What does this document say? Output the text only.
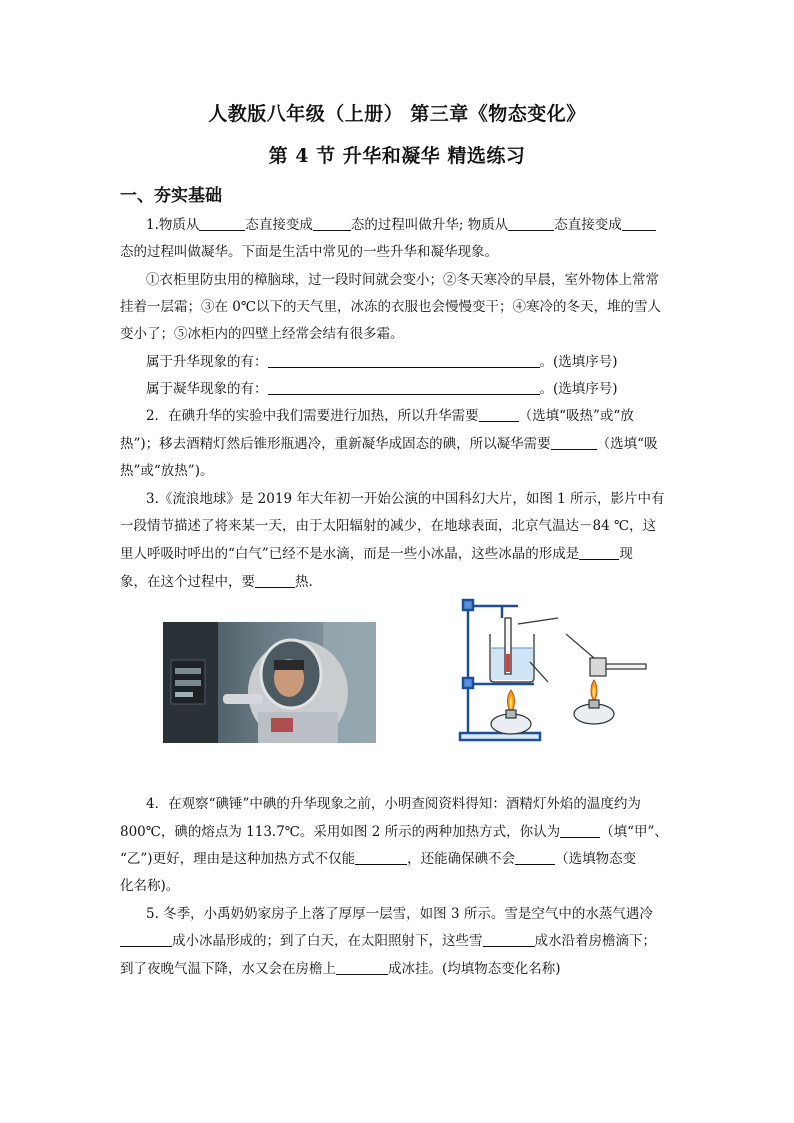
人教版八年级（上册） 第三章《物态变化》
第 4 节 升华和凝华 精选练习
一、夯实基础
1.物质从	态直接变成	态的过程叫做升华; 物质从	态直接变成
态的过程叫做凝华。下面是生活中常见的一些升华和凝华现象。
①衣柜里防虫用的樟脑球，过一段时间就会变小；②冬天寒冷的早晨，室外物体上常常
挂着一层霜；③在 0℃以下的天气里，冰冻的衣服也会慢慢变干；④寒冷的冬天，堆的雪人
变小了；⑤冰柜内的四壁上经常会结有很多霜。
属于升华现象的有：	。(选填序号)
属于凝华现象的有：	。(选填序号)
2．在碘升华的实验中我们需要进行加热，所以升华需要	（选填“吸热”或“放
热”)；移去酒精灯然后锥形瓶遇冷，重新凝华成固态的碘，所以凝华需要	（选填“吸
热”或“放热”)。
3.《流浪地球》是 2019 年大年初一开始公演的中国科幻大片，如图 1 所示，影片中有
一段情节描述了将来某一天，由于太阳辐射的减少，在地球表面，北京气温达－84 ℃，这
里人呼吸时呼出的“白气”已经不是水滴，而是一些小冰晶，这些冰晶的形成是	现
象，在这个过程中，要	热.
4．在观察“碘锤”中碘的升华现象之前，小明查阅资料得知：酒精灯外焰的温度约为
800℃，碘的熔点为 113.7℃。采用如图 2 所示的两种加热方式，你认为	（填“甲”、
“乙”)更好，理由是这种加热方式不仅能	，还能确保碘不会	（选填物态变
化名称)。
5. 冬季，小禹奶奶家房子上落了厚厚一层雪，如图 3 所示。雪是空气中的水蒸气遇冷
成小冰晶形成的；到了白天，在太阳照射下，这些雪	成水沿着房檐滴下；
到了夜晚气温下降，水又会在房檐上	成冰挂。(均填物态变化名称)
